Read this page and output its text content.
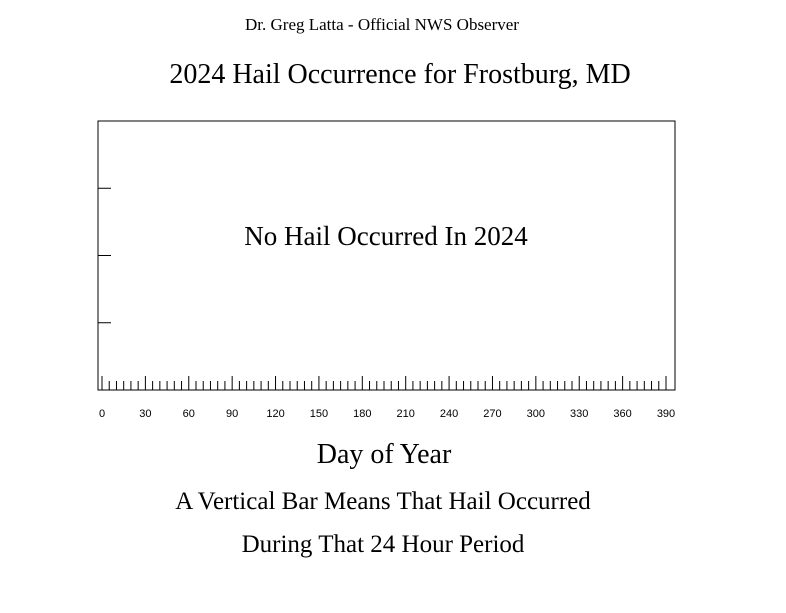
Dr. Greg Latta - Official NWS Observer
2024 Hail Occurrence for Frostburg, MD
0	30	60	90	120 150 180 210 240 270 300 330 360 390
No Hail Occurred In 2024
Day of Year
A Vertical Bar Means That Hail Occurred
During That 24 Hour Period
